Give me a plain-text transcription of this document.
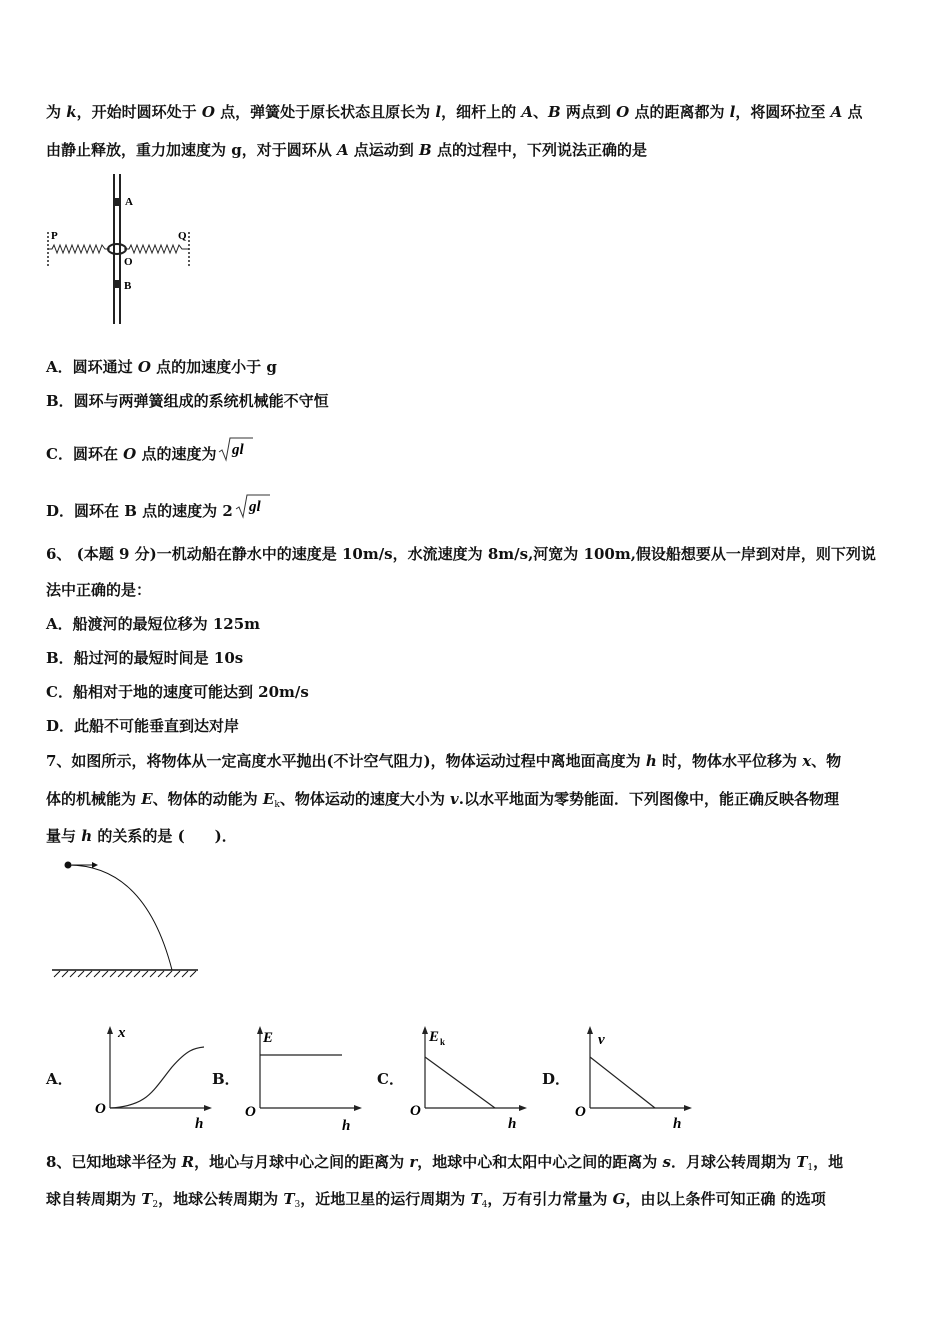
为 k，开始时圆环处于 O 点，弹簧处于原长状态且原长为 l，细杆上的 A、B 两点到 O 点的距离都为 l，将圆环拉至 A 点
由静止释放，重力加速度为 g，对于圆环从 A 点运动到 B 点的过程中，下列说法正确的是
A
B
O
P	Q
A．圆环通过 O 点的加速度小于 g
B．圆环与两弹簧组成的系统机械能不守恒
C．圆环在 O 点的速度为 gl
D．圆环在 B 点的速度为 2 gl
6、 (本题 9 分)一机动船在静水中的速度是 10m/s，水流速度为 8m/s,河宽为 100m,假设船想要从一岸到对岸，则下列说
法中正确的是：
A．船渡河的最短位移为 125m
B．船过河的最短时间是 10s
C．船相对于地的速度可能达到 20m/s
D．此船不可能垂直到达对岸
7、如图所示，将物体从一定高度水平抛出(不计空气阻力)，物体运动过程中离地面高度为 h 时，物体水平位移为 x、物
体的机械能为 E、物体的动能为 $E_k$、物体运动的速度大小为 v.以水平地面为零势能面．下列图像中，能正确反映各物理
量与 h 的关系的是 (　　)．
A．
x
h
O
B．
E
h
O
C．
E k
h
O
D．
v
h
O
8、已知地球半径为 R，地心与月球中心之间的距离为 r，地球中心和太阳中心之间的距离为 s．月球公转周期为 $T_1$，地
球自转周期为 $T_2$，地球公转周期为 $T_3$，近地卫星的运行周期为 $T_4$，万有引力常量为 G，由以上条件可知正确 的选项
